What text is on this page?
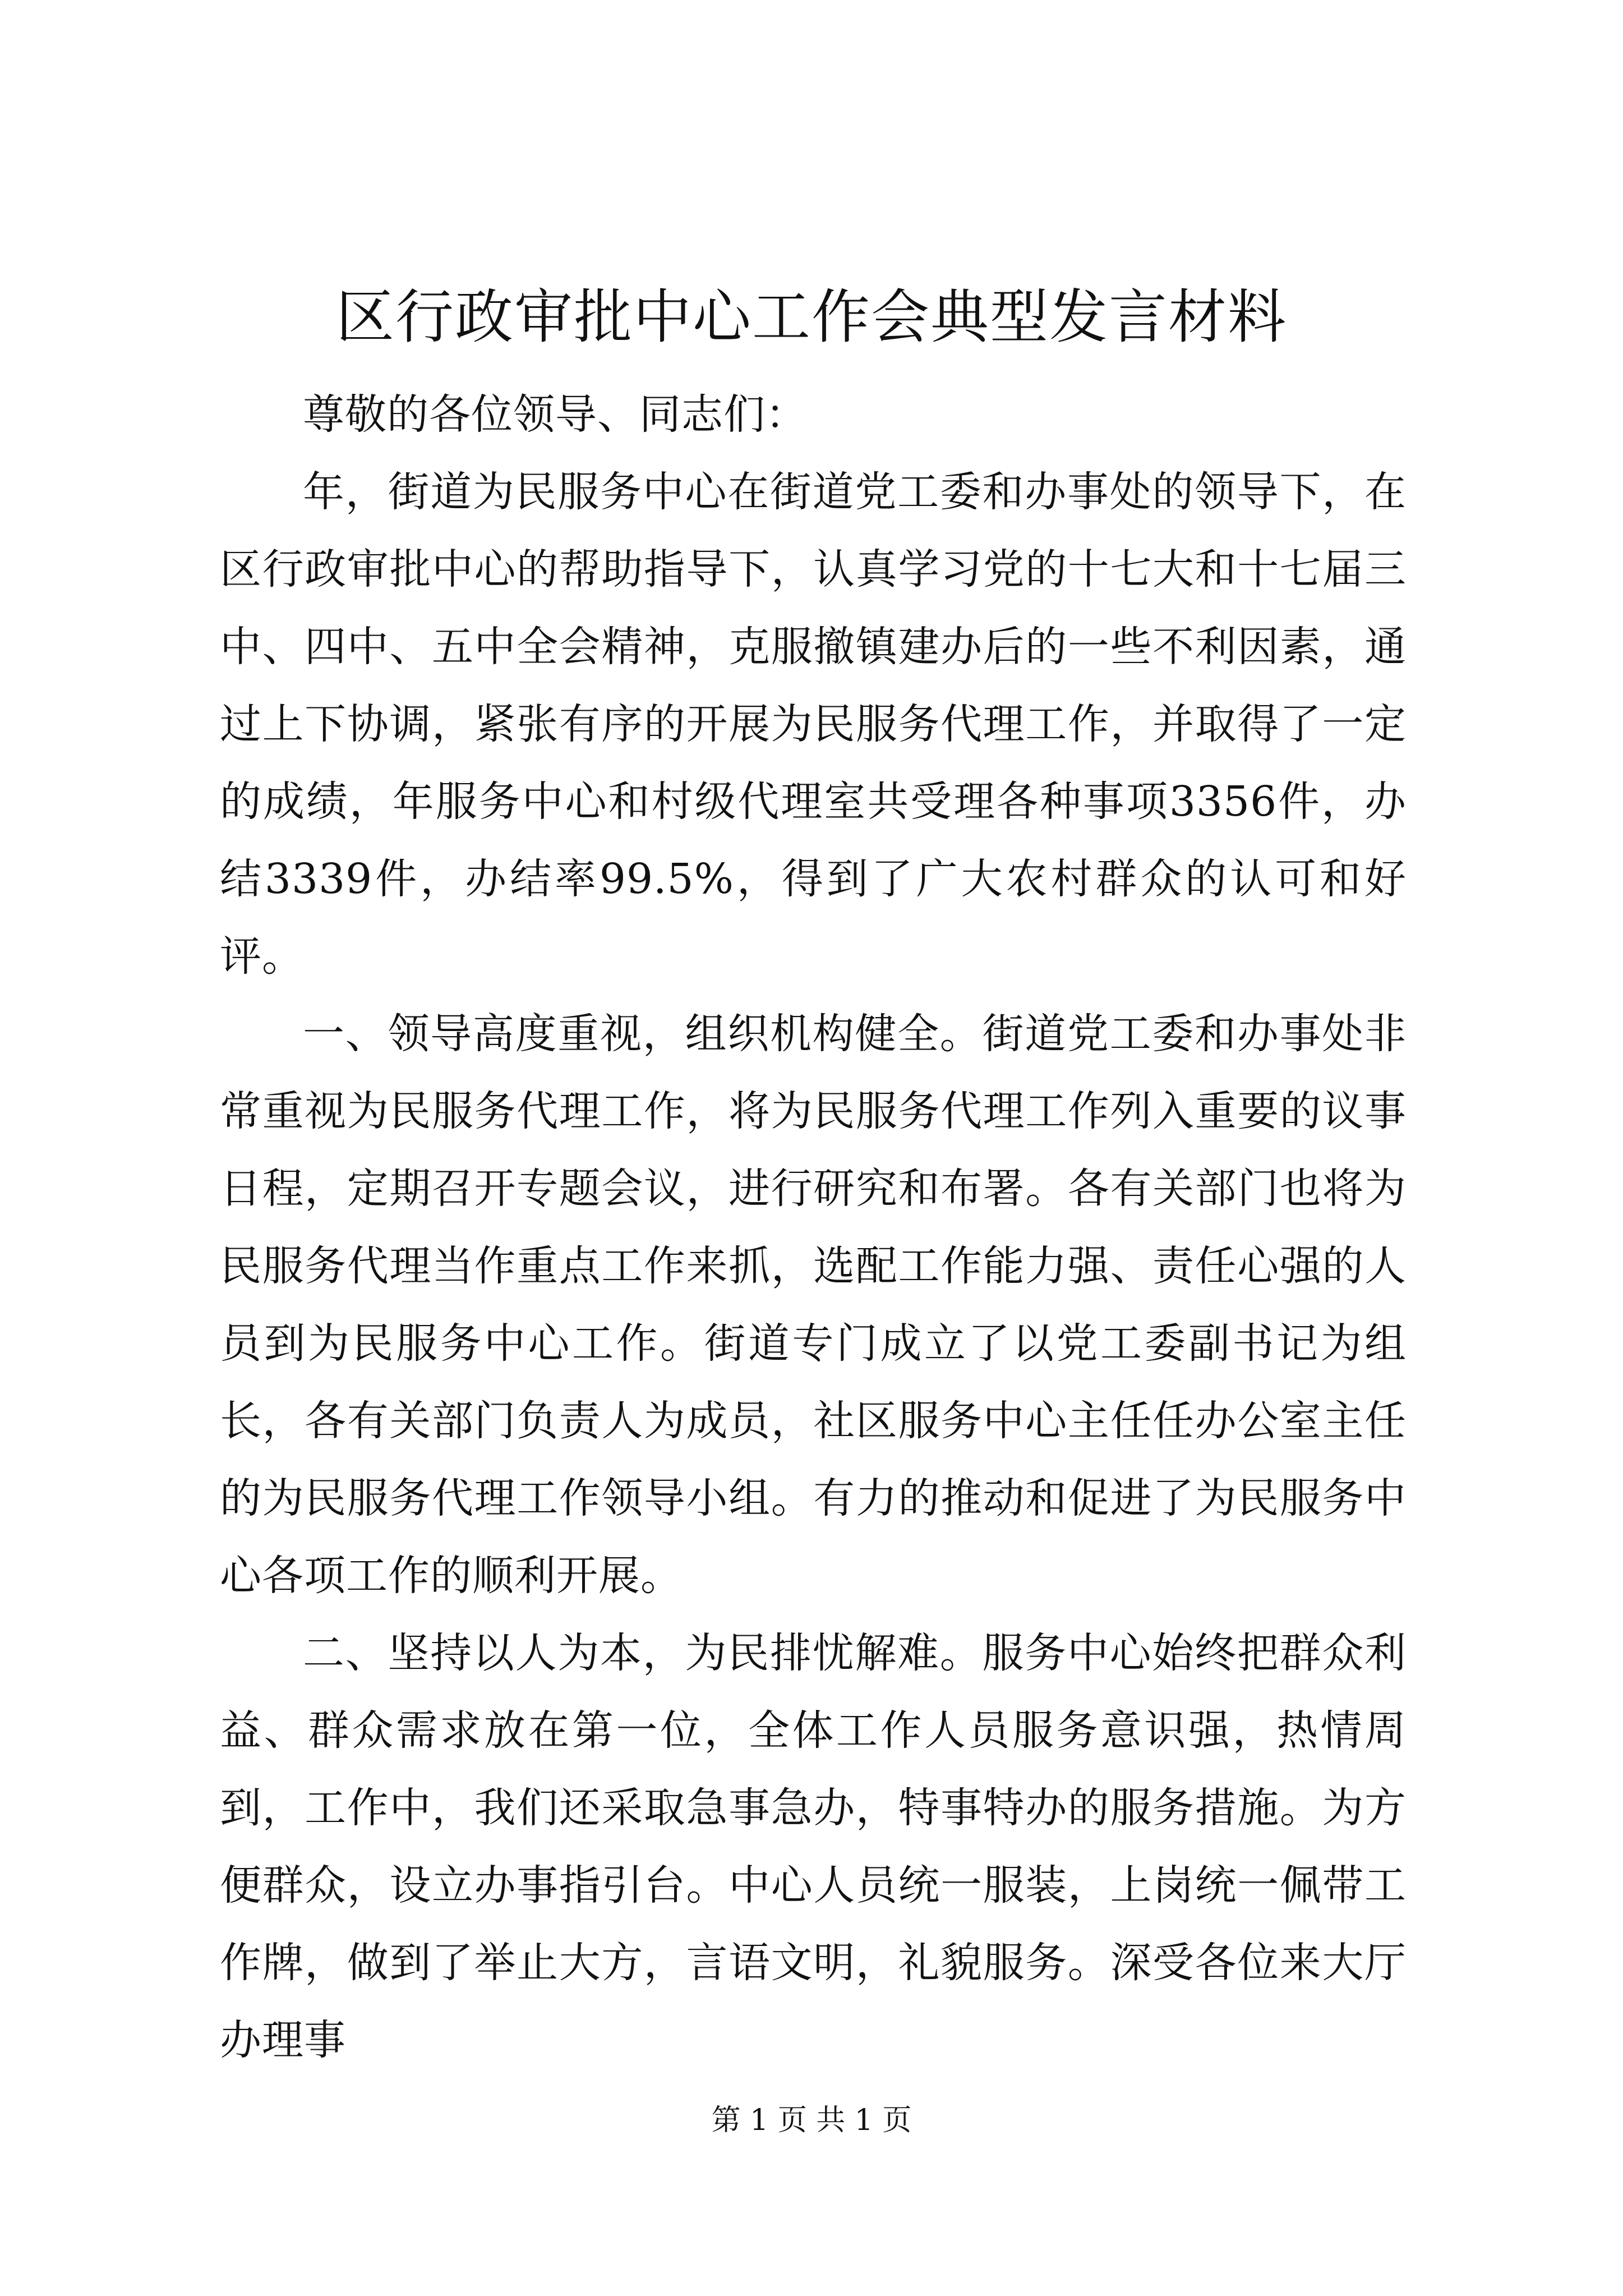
区行政审批中心工作会典型发言材料

尊敬的各位领导、同志们：

年，街道为民服务中心在街道党工委和办事处的领导下，在区行政审批中心的帮助指导下，认真学习党的十七大和十七届三中、四中、五中全会精神，克服撤镇建办后的一些不利因素，通过上下协调，紧张有序的开展为民服务代理工作，并取得了一定的成绩，年服务中心和村级代理室共受理各种事项3356件，办结3339件，办结率99.5%，得到了广大农村群众的认可和好评。

一、领导高度重视，组织机构健全。街道党工委和办事处非常重视为民服务代理工作，将为民服务代理工作列入重要的议事日程，定期召开专题会议，进行研究和布署。各有关部门也将为民服务代理当作重点工作来抓，选配工作能力强、责任心强的人员到为民服务中心工作。街道专门成立了以党工委副书记为组长，各有关部门负责人为成员，社区服务中心主任任办公室主任的为民服务代理工作领导小组。有力的推动和促进了为民服务中心各项工作的顺利开展。

二、坚持以人为本，为民排忧解难。服务中心始终把群众利益、群众需求放在第一位，全体工作人员服务意识强，热情周到，工作中，我们还采取急事急办，特事特办的服务措施。为方便群众，设立办事指引台。中心人员统一服装，上岗统一佩带工作牌，做到了举止大方，言语文明，礼貌服务。深受各位来大厅办理事

第 1 页 共 1 页
